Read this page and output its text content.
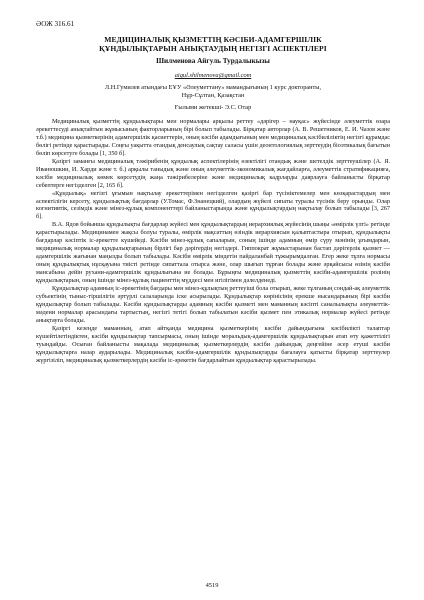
ӘОЖ 316.61
МЕДИЦИНАЛЫҚ ҚЫЗМЕТТІҢ КӘСІБИ-АДАМГЕРШІЛІК
ҚҰНДЫЛЫҚТАРЫН АНЫҚТАУДЫҢ НЕГІЗГІ АСПЕКТІЛЕРІ
Шилменова Айгуль Турдалыкызы
aigul.shilmenova@gmail.com
Л.Н.Гумилев атындағы ЕҰУ «Әлеуметтану» мамандығының 1 курс докторанты,
Нұр-Сұлтан, Қазақстан
Ғылыми жетекші- Э.С. Отар

Медициналық қызметтің құндылықтары мен нормалары арқылы реттеу «дәрігер – науқас» жүйесінде әлеуметтік өзара әрекеттесуді анықтайтын жұмысының факторларының бірі болып табылады. Бірқатар авторлар (А. В. Решетников, Е. И. Чазов және т.б.) медицина қызметкерінің адамгершілік қасиеттерін, оның кәсіби адамдығының мен медициналық кәсібиліліктің негізгі құрамдас бөлігі ретінде қарастырады. Соңғы уақытта отандық денсаулық сақтау саласы үшін деонтологиялық зерттеудің біоэтикалық бағытын бөліп көрсетуге болады [1, 350 б].

Қазіргі заманғы медициналық тәжірибенің құндылық аспектілерінің өзектілігі отандық және шетелдік зерттеушілер (А. Я. Иванюшкин, И. Харди және т. б.) арқылы таныдық және оның әлеуметтік-экономикалық жағдайларға, әлеуметтік стратификацияға, кәсіби медициналық көмек көрсетудің жаңа тәжірибелеріне және медициналық кадрларды даярлауға байланысты бірқатар себептерге негізделген [2, 165 б].

«Құндылық» негізгі ұғымын нақтылау әрекеттерімен негізделген қазіргі бар түсініктемелер мен көзқарастардың мен аспектілігін керсету, құндылықтық бағдарлар (У.Томас, Ф.Знанецкий), олардың жүйелі сипаты туралы түсінік беру орынды. Олар когнитивтік, сезімдік және мінез-құлық компоненттері байланыстарында және құндылықтардың нақтылау болып табылады [3, 267 б].

В.А. Ядов бойынша құндылықты бағдарлар жүйесі мен құндылықтардың иерархиялық жүйесінің шыңы «өмірлік үлгі» ретінде қарастырылады. Медицинамен жақсы болуы туралы, өмірлік мақсаттың өзіндік иерархиясын қалыптастыра отырып, құндылықты бағдарлар кәсіптік іс-әрекетте күшейеді. Кәсіби мінез-құлық сапаларын, соның ішінде адамның өмір сүру мәнінің ұғымдарын, медициналық нормалар құндылықтарының бірлігі бар дәрігердің негіздері. Гиппократ жұмыстарынан бастап дәрігерлік қызмет — адамгершілік жағынан маңызды болып табылады. Кәсіби өмірлік міндетін пайдаланбай тұжырымдалған. Егер жеке тұлға нормасы оның құндылықтық нұсқауына тиісті ретінде сипаттала отырса және, олар шығып тұрған болады және әрқайсысы өзінің кәсіби мансабына дейін рухани-адамгершілік құндылығына ие болады. Бұрыңғы медициналық қызметтің кәсіби-адамгершілік ролінің құндылықтарын, оның ішінде мінез-құлық пациенттің мүддесі мен игілігімен дәлелденеді.

Құндылықтар адамның іс-әрекетінің бағдары мен мінез-құлықтың реттеуіші бола отырып, жеке тұлғаның сондай-ақ әлеуметтік субъектінің тыныс-тіршілігін әртүрлі салаларында іске асырылады. Құндылықтар көрінісінің ерекше нысандарының бірі кәсіби құндылықтар болып табылады. Кәсіби құндылықтарды адамның кәсіби қызметі мен маманның кәсіпті саналылықты әлеуметтік-мәдени нормалар арасындағы тартыстың, негізгі тетігі болып табылатын кәсіби қызмет пен этикалық нормалар жүйесі ретінде анықтауға болады.

Қазіргі кезеңде маманның, атап айтқанда медицина қызметкерінің кәсіби дайындығына кәсібилікті талаптар күшейтілетіндіктен, кәсіби құндылықтар тапсырмасы, оның ішінде моральдық-адамгершілік құндылықтарын атап өту қажеттілігі туындайды. Осыған байланысты мақалада медициналық қызметкерлердің кәсіби дайындық деңгейіне әсер етуші кәсіби құндылықтарға назар аударылады. Медициналық кәсіби-адамгершілік құндылықтарды бағалауға қатысты бірқатар зерттеулер жүргізіліп, медициналық қызметкерлердің кәсіби іс-әрекетін бағдарлайтын құндылықтар қарастырылады.

4519
